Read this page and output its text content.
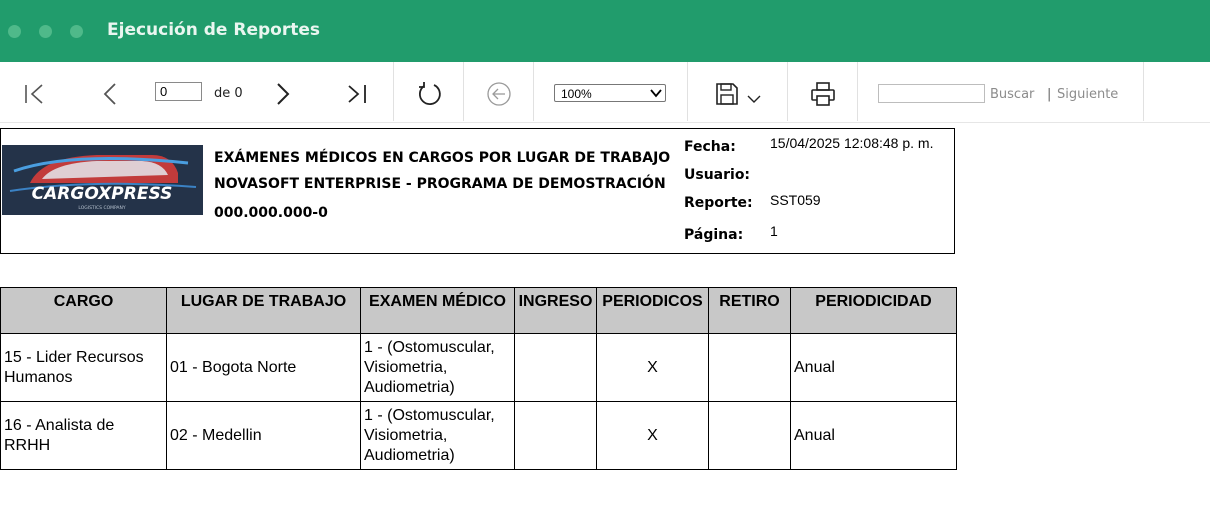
Ejecución de Reportes
0
de 0	100%	Buscar | Siguiente
CARGOXPRESS
LOGISTICS COMPANY
EXÁMENES MÉDICOS EN CARGOS POR LUGAR DE TRABAJO
NOVASOFT ENTERPRISE - PROGRAMA DE DEMOSTRACIÓN
000.000.000-0
Fecha: 15/04/2025 12:08:48 p. m.
Usuario:
Reporte: SST059
Página: 1
CARGO	LUGAR DE TRABAJO	EXAMEN MÉDICO	INGRESO	PERIODICOS	RETIRO	PERIODICIDAD
15 - Lider Recursos Humanos	01 - Bogota Norte	1 - (Ostomuscular, Visiometria, Audiometria)		X		Anual
16 - Analista de RRHH	02 - Medellin	1 - (Ostomuscular, Visiometria, Audiometria)		X		Anual
